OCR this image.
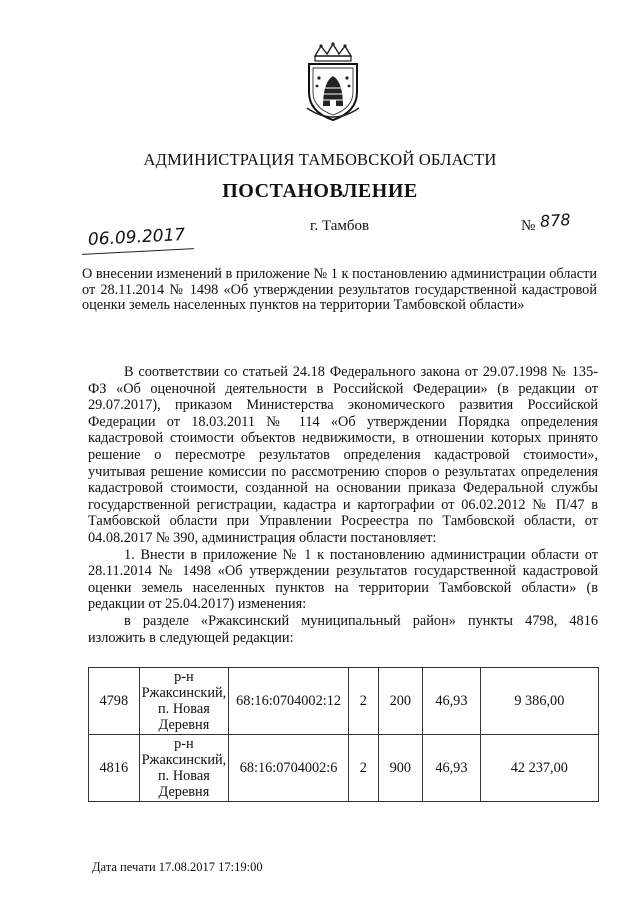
АДМИНИСТРАЦИЯ ТАМБОВСКОЙ ОБЛАСТИ
ПОСТАНОВЛЕНИЕ
06.09.2017	г. Тамбов	№ 878
О внесении изменений в приложение № 1 к постановлению администрации области от 28.11.2014 № 1498 «Об утверждении результатов государственной кадастровой оценки земель населенных пунктов на территории Тамбовской области»

В соответствии со статьей 24.18 Федерального закона от 29.07.1998 № 135-ФЗ «Об оценочной деятельности в Российской Федерации» (в редакции от 29.07.2017), приказом Министерства экономического развития Российской Федерации от 18.03.2011 № 114 «Об утверждении Порядка определения кадастровой стоимости объектов недвижимости, в отношении которых принято решение о пересмотре результатов определения кадастровой стоимости», учитывая решение комиссии по рассмотрению споров о результатах определения кадастровой стоимости, созданной на основании приказа Федеральной службы государственной регистрации, кадастра и картографии от 06.02.2012 № П/47 в Тамбовской области при Управлении Росреестра по Тамбовской области, от 04.08.2017 № 390, администрация области постановляет:

1. Внести в приложение № 1 к постановлению администрации области от 28.11.2014 № 1498 «Об утверждении результатов государственной кадастровой оценки земель населенных пунктов на территории Тамбовской области» (в редакции от 25.04.2017) изменения:

в разделе «Ржаксинский муниципальный район» пункты 4798, 4816 изложить в следующей редакции:

4798	р-н
Ржаксинский,
п. Новая
Деревня	68:16:0704002:12	2	200	46,93	9 386,00
4816	р-н
Ржаксинский,
п. Новая
Деревня	68:16:0704002:6	2	900	46,93	42 237,00
Дата печати 17.08.2017 17:19:00
